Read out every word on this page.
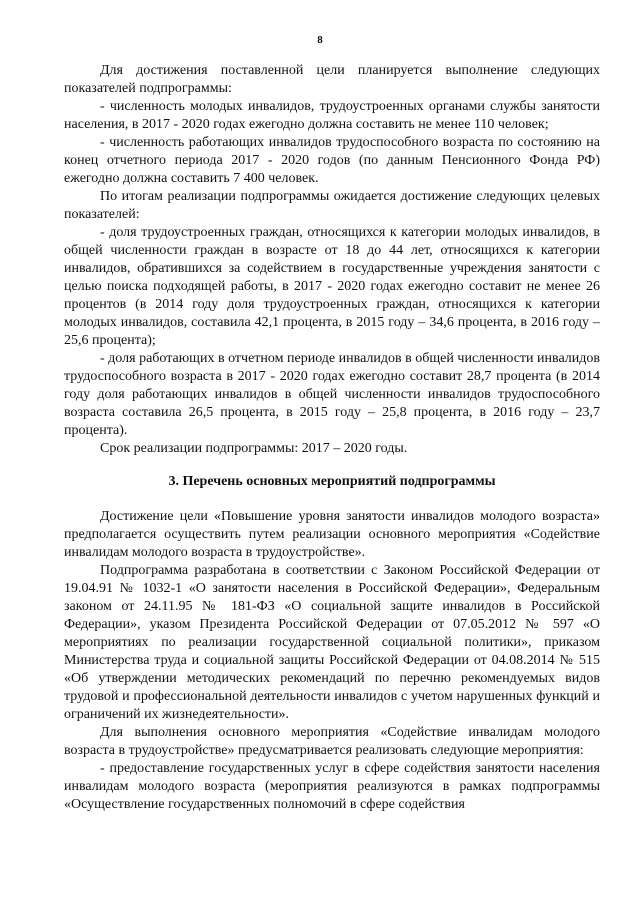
8

Для достижения поставленной цели планируется выполнение следующих показателей подпрограммы:

- численность молодых инвалидов, трудоустроенных органами службы занятости населения, в 2017 - 2020 годах ежегодно должна составить не менее 110 человек;

- численность работающих инвалидов трудоспособного возраста по состоянию на конец отчетного периода 2017 - 2020 годов (по данным Пенсионного Фонда РФ) ежегодно должна составить 7 400 человек.

По итогам реализации подпрограммы ожидается достижение следующих целевых показателей:

- доля трудоустроенных граждан, относящихся к категории молодых инвалидов, в общей численности граждан в возрасте от 18 до 44 лет, относящихся к категории инвалидов, обратившихся за содействием в государственные учреждения занятости с целью поиска подходящей работы, в 2017 - 2020 годах ежегодно составит не менее 26 процентов (в 2014 году доля трудоустроенных граждан, относящихся к категории молодых инвалидов, составила 42,1 процента, в 2015 году – 34,6 процента, в 2016 году – 25,6 процента);

- доля работающих в отчетном периоде инвалидов в общей численности инвалидов трудоспособного возраста в 2017 - 2020 годах ежегодно составит 28,7 процента (в 2014 году доля работающих инвалидов в общей численности инвалидов трудоспособного возраста составила 26,5 процента, в 2015 году – 25,8 процента, в 2016 году – 23,7 процента).

Срок реализации подпрограммы: 2017 – 2020 годы.

3. Перечень основных мероприятий подпрограммы

Достижение цели «Повышение уровня занятости инвалидов молодого возраста» предполагается осуществить путем реализации основного мероприятия «Содействие инвалидам молодого возраста в трудоустройстве».

Подпрограмма разработана в соответствии с Законом Российской Федерации от 19.04.91 № 1032-1 «О занятости населения в Российской Федерации», Федеральным законом от 24.11.95 № 181-ФЗ «О социальной защите инвалидов в Российской Федерации», указом Президента Российской Федерации от 07.05.2012 № 597 «О мероприятиях по реализации государственной социальной политики», приказом Министерства труда и социальной защиты Российской Федерации от 04.08.2014 № 515 «Об утверждении методических рекомендаций по перечню рекомендуемых видов трудовой и профессиональной деятельности инвалидов с учетом нарушенных функций и ограничений их жизнедеятельности».

Для выполнения основного мероприятия «Содействие инвалидам молодого возраста в трудоустройстве» предусматривается реализовать следующие мероприятия:

- предоставление государственных услуг в сфере содействия занятости населения инвалидам молодого возраста (мероприятия реализуются в рамках подпрограммы «Осуществление государственных полномочий в сфере содействия
